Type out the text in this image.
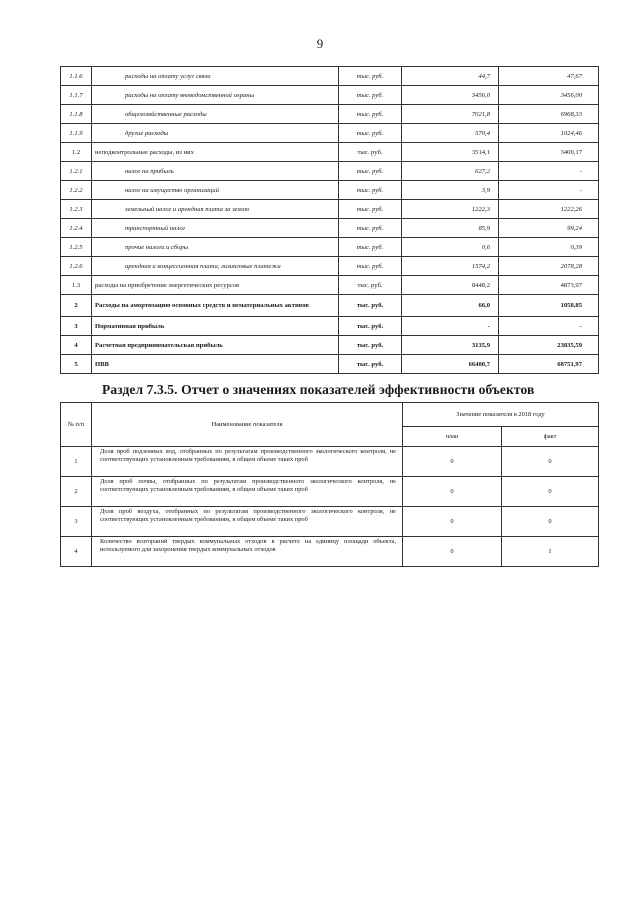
9
1.1.6	расходы на оплату услуг связи	тыс. руб.	44,7	47,67
1.1.7	расходы на оплату вневедомственной охраны	тыс. руб.	3456,0	3456,00
1.1.8	общехозяйственные расходы	тыс. руб.	7021,8	6968,33
1.1.9	другие расходы	тыс. руб.	570,4	1024,46
1.2	неподконтрольные расходы, из них	тыс. руб.	3514,1	3400,17
1.2.1	налог на прибыль	тыс. руб.	627,2	-
1.2.2	налог на имущество организаций	тыс. руб.	3,9	-
1.2.3	земельный налог и арендная плата за землю	тыс. руб.	1222,3	1222,26
1.2.4	транспортный налог	тыс. руб.	85,9	99,24
1.2.5	прочие налоги и сборы	тыс. руб.	0,6	0,39
1.2.6	арендная и концессионная плата, лизинговые платежи	тыс. руб.	1574,2	2078,28
1.3	расходы на приобретение энергетических ресурсов	тыс. руб.	8448,2	4873,97
2	Расходы на амортизацию основных средств и нематериальных активов	тыс. руб.	66,0	1058,85
3	Нормативная прибыль	тыс. руб.	-	-
4	Расчетная предпринимательская прибыль	тыс. руб.	3135,9	23835,59
5	НВВ	тыс. руб.	66480,7	68751,97
Раздел 7.3.5. Отчет о значениях показателей эффективности объектов
№ п/п	Наименование показателя	Значение показателя в 2018 году	
		план	факт
1	Доля проб подземных вод, отобранных по результатам производственного экологического контроля, не соответствующих установленным требованиям, в общем объеме таких проб	0	0
2	Доля проб почвы, отобранных по результатам производственного экологического контроля, не соответствующих установленным требованиям, в общем объеме таких проб	0	0
3	Доля проб воздуха, отобранных по результатам производственного экологического контроля, не соответствующих установленным требованиям, в общем объеме таких проб	0	0
4	Количество возгораний твердых коммунальных отходов в расчете на единицу площади объекта, используемого для захоронения твердых коммунальных отходов	0	1
